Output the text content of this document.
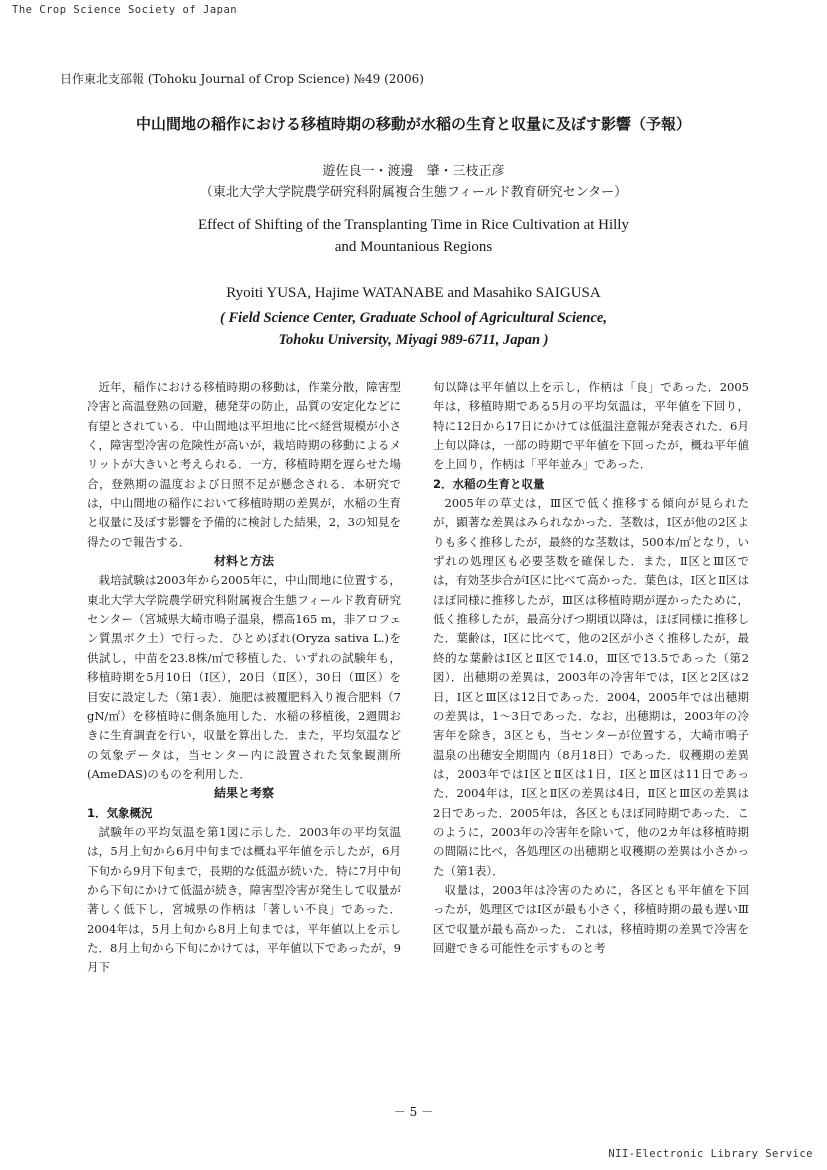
The Crop Science Society of Japan
日作東北支部報 (Tohoku Journal of Crop Science) №49 (2006)
中山間地の稲作における移植時期の移動が水稲の生育と収量に及ぼす影響（予報）
遊佐良一・渡邊　肇・三枝正彦
（東北大学大学院農学研究科附属複合生態フィールド教育研究センター）
Effect of Shifting of the Transplanting Time in Rice Cultivation at Hilly
and Mountanious Regions
Ryoiti YUSA, Hajime WATANABE and Masahiko SAIGUSA
( Field Science Center, Graduate School of Agricultural Science,
Tohoku University, Miyagi 989-6711, Japan )

近年，稲作における移植時期の移動は，作業分散，障害型冷害と高温登熟の回避，穂発芽の防止，品質の安定化などに有望とされている．中山間地は平坦地に比べ経営規模が小さく，障害型冷害の危険性が高いが，栽培時期の移動によるメリットが大きいと考えられる．一方，移植時期を遅らせた場合，登熟期の温度および日照不足が懸念される．本研究では，中山間地の稲作において移植時期の差異が，水稲の生育と収量に及ぼす影響を予備的に検討した結果，2，3の知見を得たので報告する．

材料と方法

栽培試験は2003年から2005年に，中山間地に位置する，東北大学大学院農学研究科附属複合生態フィールド教育研究センター（宮城県大崎市鳴子温泉，標高165 m，非アロフェン質黒ボク土）で行った．ひとめぼれ(Oryza sativa L.)を供試し，中苗を23.8株/㎡で移植した．いずれの試験年も，移植時期を5月10日（Ⅰ区），20日（Ⅱ区），30日（Ⅲ区）を目安に設定した（第1表）．施肥は被覆肥料入り複合肥料（7 gN/㎡）を移植時に側条施用した．水稲の移植後，2週間おきに生育調査を行い，収量を算出した．また，平均気温などの気象データは，当センター内に設置された気象観測所(AmeDAS)のものを利用した．

結果と考察
1．気象概況

試験年の平均気温を第1図に示した．2003年の平均気温は，5月上旬から6月中旬までは概ね平年値を示したが，6月下旬から9月下旬まで，長期的な低温が続いた．特に7月中旬から下旬にかけて低温が続き，障害型冷害が発生して収量が著しく低下し，宮城県の作柄は「著しい不良」であった．2004年は，5月上旬から8月上旬までは，平年値以上を示した．8月上旬から下旬にかけては，平年値以下であったが，9月下

旬以降は平年値以上を示し，作柄は「良」であった．2005年は，移植時期である5月の平均気温は，平年値を下回り，特に12日から17日にかけては低温注意報が発表された．6月上旬以降は，一部の時期で平年値を下回ったが，概ね平年値を上回り，作柄は「平年並み」であった．

2．水稲の生育と収量

2005年の草丈は，Ⅲ区で低く推移する傾向が見られたが，顕著な差異はみられなかった．茎数は，Ⅰ区が他の2区よりも多く推移したが，最終的な茎数は，500本/㎡となり，いずれの処理区も必要茎数を確保した．また，Ⅱ区とⅢ区では，有効茎歩合がⅠ区に比べて高かった．葉色は，Ⅰ区とⅡ区はほぼ同様に推移したが，Ⅲ区は移植時期が遅かったために，低く推移したが，最高分げつ期頃以降は，ほぼ同様に推移した．葉齢は，Ⅰ区に比べて，他の2区が小さく推移したが，最終的な葉齢はⅠ区とⅡ区で14.0，Ⅲ区で13.5であった（第2図）．出穂期の差異は，2003年の冷害年では，Ⅰ区と2区は2日，Ⅰ区とⅢ区は12日であった．2004，2005年では出穂期の差異は，1～3日であった．なお，出穂期は，2003年の冷害年を除き，3区とも，当センターが位置する，大崎市鳴子温泉の出穂安全期間内（8月18日）であった．収穫期の差異は，2003年ではⅠ区とⅡ区は1日，Ⅰ区とⅢ区は11日であった．2004年は，Ⅰ区とⅡ区の差異は4日，Ⅱ区とⅢ区の差異は2日であった．2005年は，各区ともほぼ同時期であった．このように，2003年の冷害年を除いて，他の2カ年は移植時期の間隔に比べ，各処理区の出穂期と収穫期の差異は小さかった（第1表）．

収量は，2003年は冷害のために，各区とも平年値を下回ったが，処理区ではⅠ区が最も小さく，移植時期の最も遅いⅢ区で収量が最も高かった．これは，移植時期の差異で冷害を回避できる可能性を示すものと考

－ 5 －
NII-Electronic Library Service
